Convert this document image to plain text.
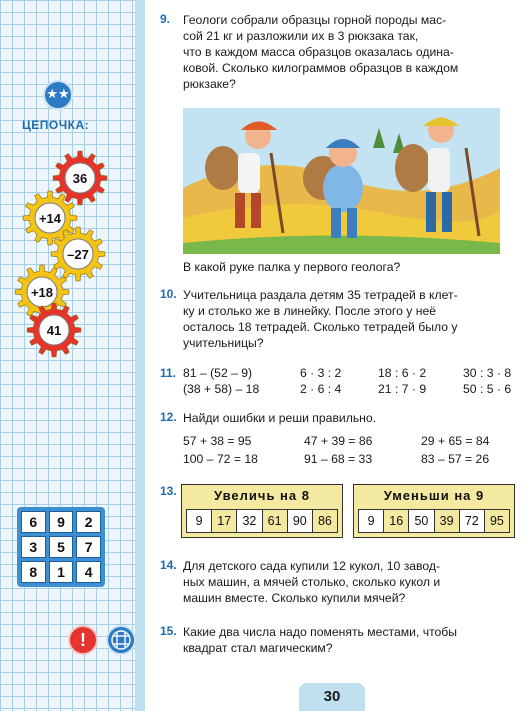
★★
ЦЕПОЧКА:
36
+14
–27
+18
41
6	9	2
3	5	7
8	1	4
!
9. Геологи собрали образцы горной породы мас-
сой 21 кг и разложили их в 3 рюкзака так,
что в каждом масса образцов оказалась одина-
ковой. Сколько килограммов образцов в каждом
рюкзаке?
В какой руке палка у первого геолога?
10. Учительница раздала детям 35 тетрадей в клет-
ку и столько же в линейку. После этого у неё
осталось 18 тетрадей. Сколько тетрадей было у
учительницы?
11. 81 – (52 – 9)	6 · 3 : 2	18 : 6 · 2	30 : 3 · 8
(38 + 58) – 18	2 · 6 : 4	21 : 7 · 9	50 : 5 · 6
12. Найди ошибки и реши правильно.
57 + 38 = 95	47 + 39 = 86	29 + 65 = 84
100 – 72 = 18	91 – 68 = 33	83 – 57 = 26
13.	Увеличь на 8
9	17 32 61 90 86
Уменьши на 9
9	16 50 39 72 95
14. Для детского сада купили 12 кукол, 10 завод-
ных машин, а мячей столько, сколько кукол и
машин вместе. Сколько купили мячей?
15. Какие два числа надо поменять местами, чтобы
квадрат стал магическим?
30
